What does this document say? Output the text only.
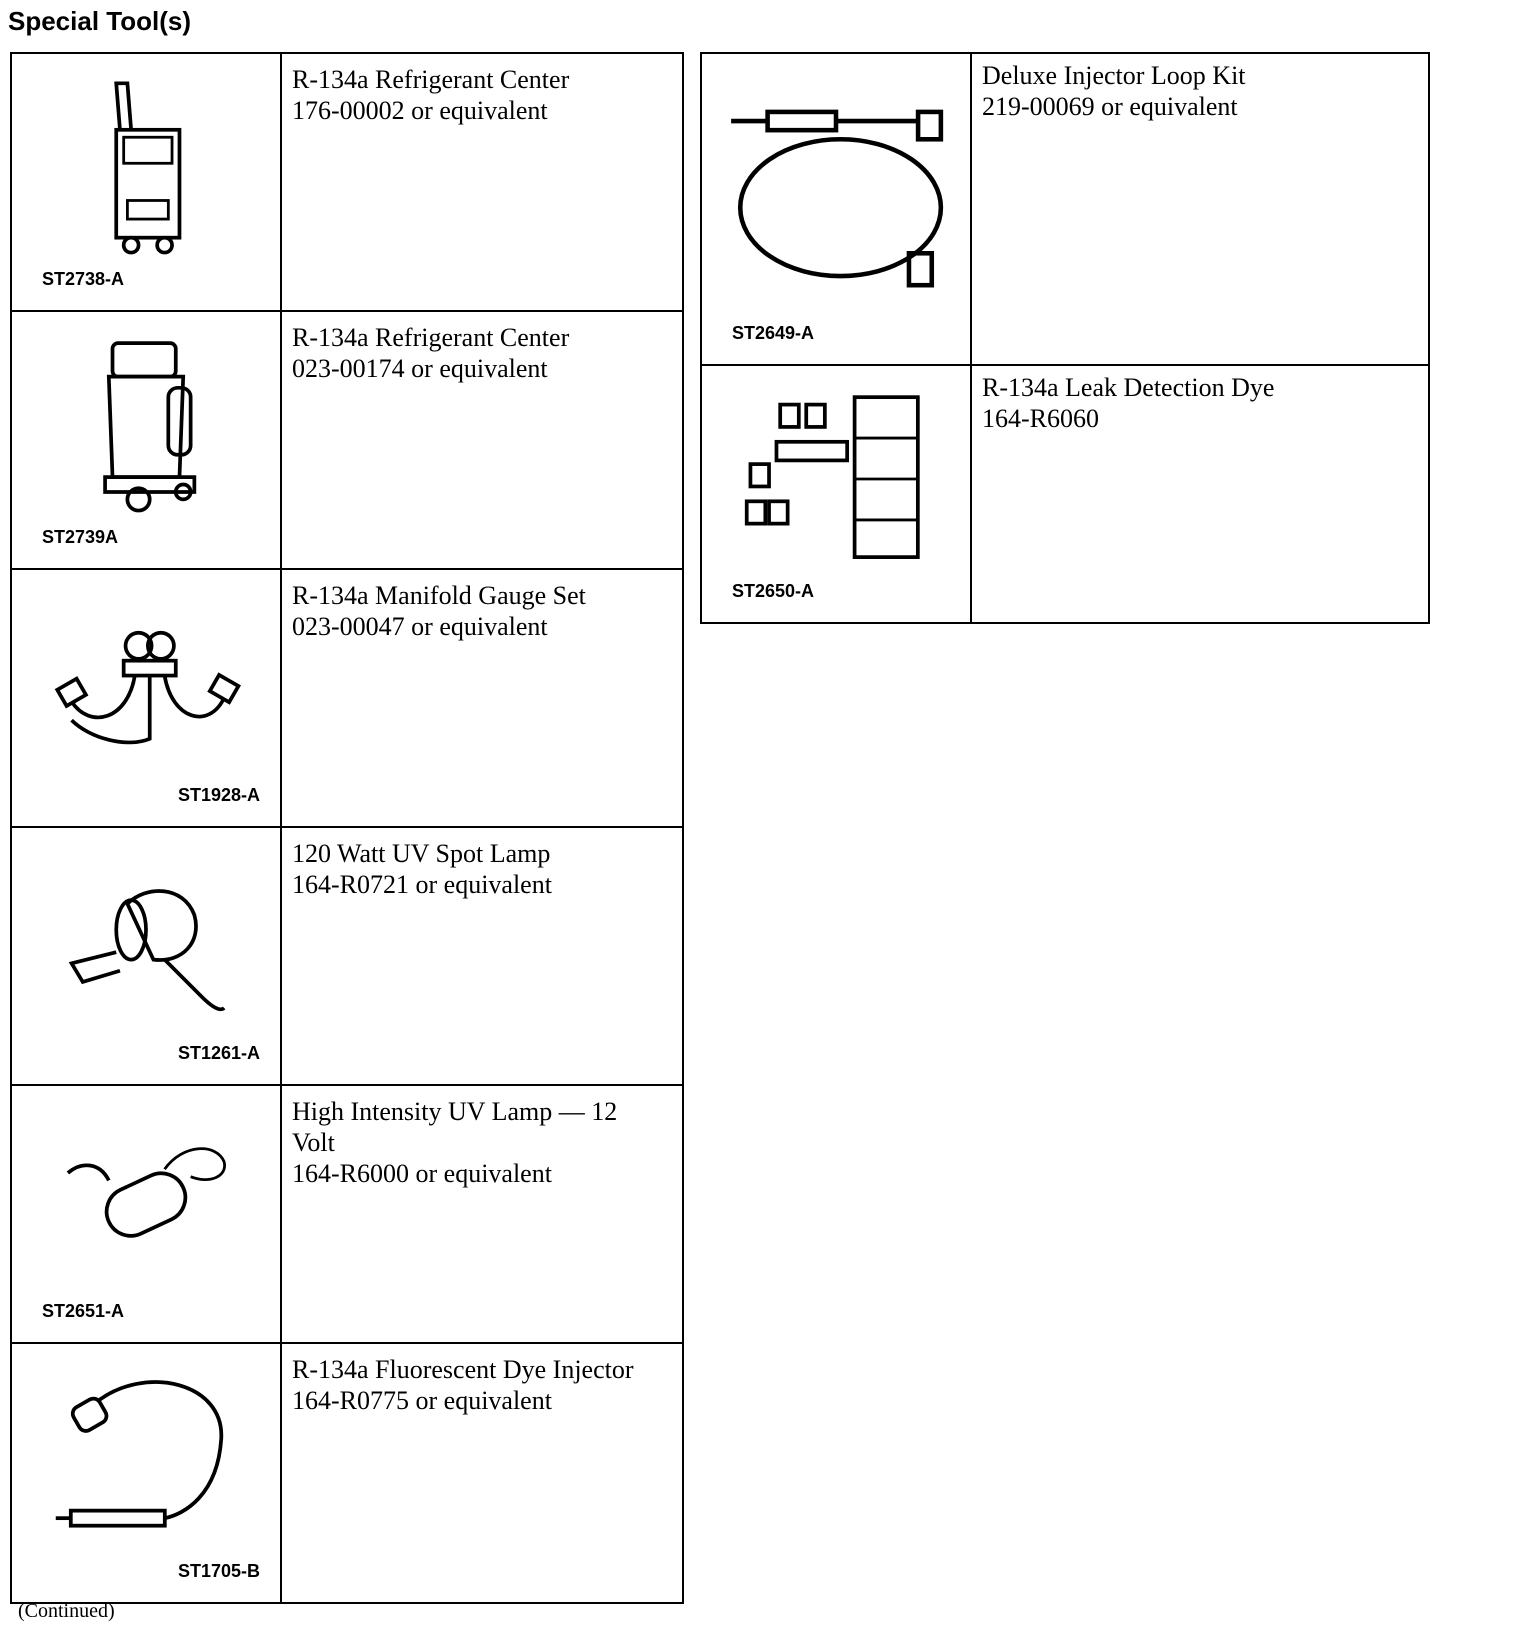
Special Tool(s)
ST2738-A
R-134a Refrigerant Center
176-00002 or equivalent
ST2739A
R-134a Refrigerant Center
023-00174 or equivalent
ST1928-A
R-134a Manifold Gauge Set
023-00047 or equivalent
ST1261-A
120 Watt UV Spot Lamp
164-R0721 or equivalent
ST2651-A
High Intensity UV Lamp — 12
Volt
164-R6000 or equivalent
ST1705-B
R-134a Fluorescent Dye Injector
164-R0775 or equivalent
ST2649-A
Deluxe Injector Loop Kit
219-00069 or equivalent
ST2650-A
R-134a Leak Detection Dye
164-R6060
(Continued)
